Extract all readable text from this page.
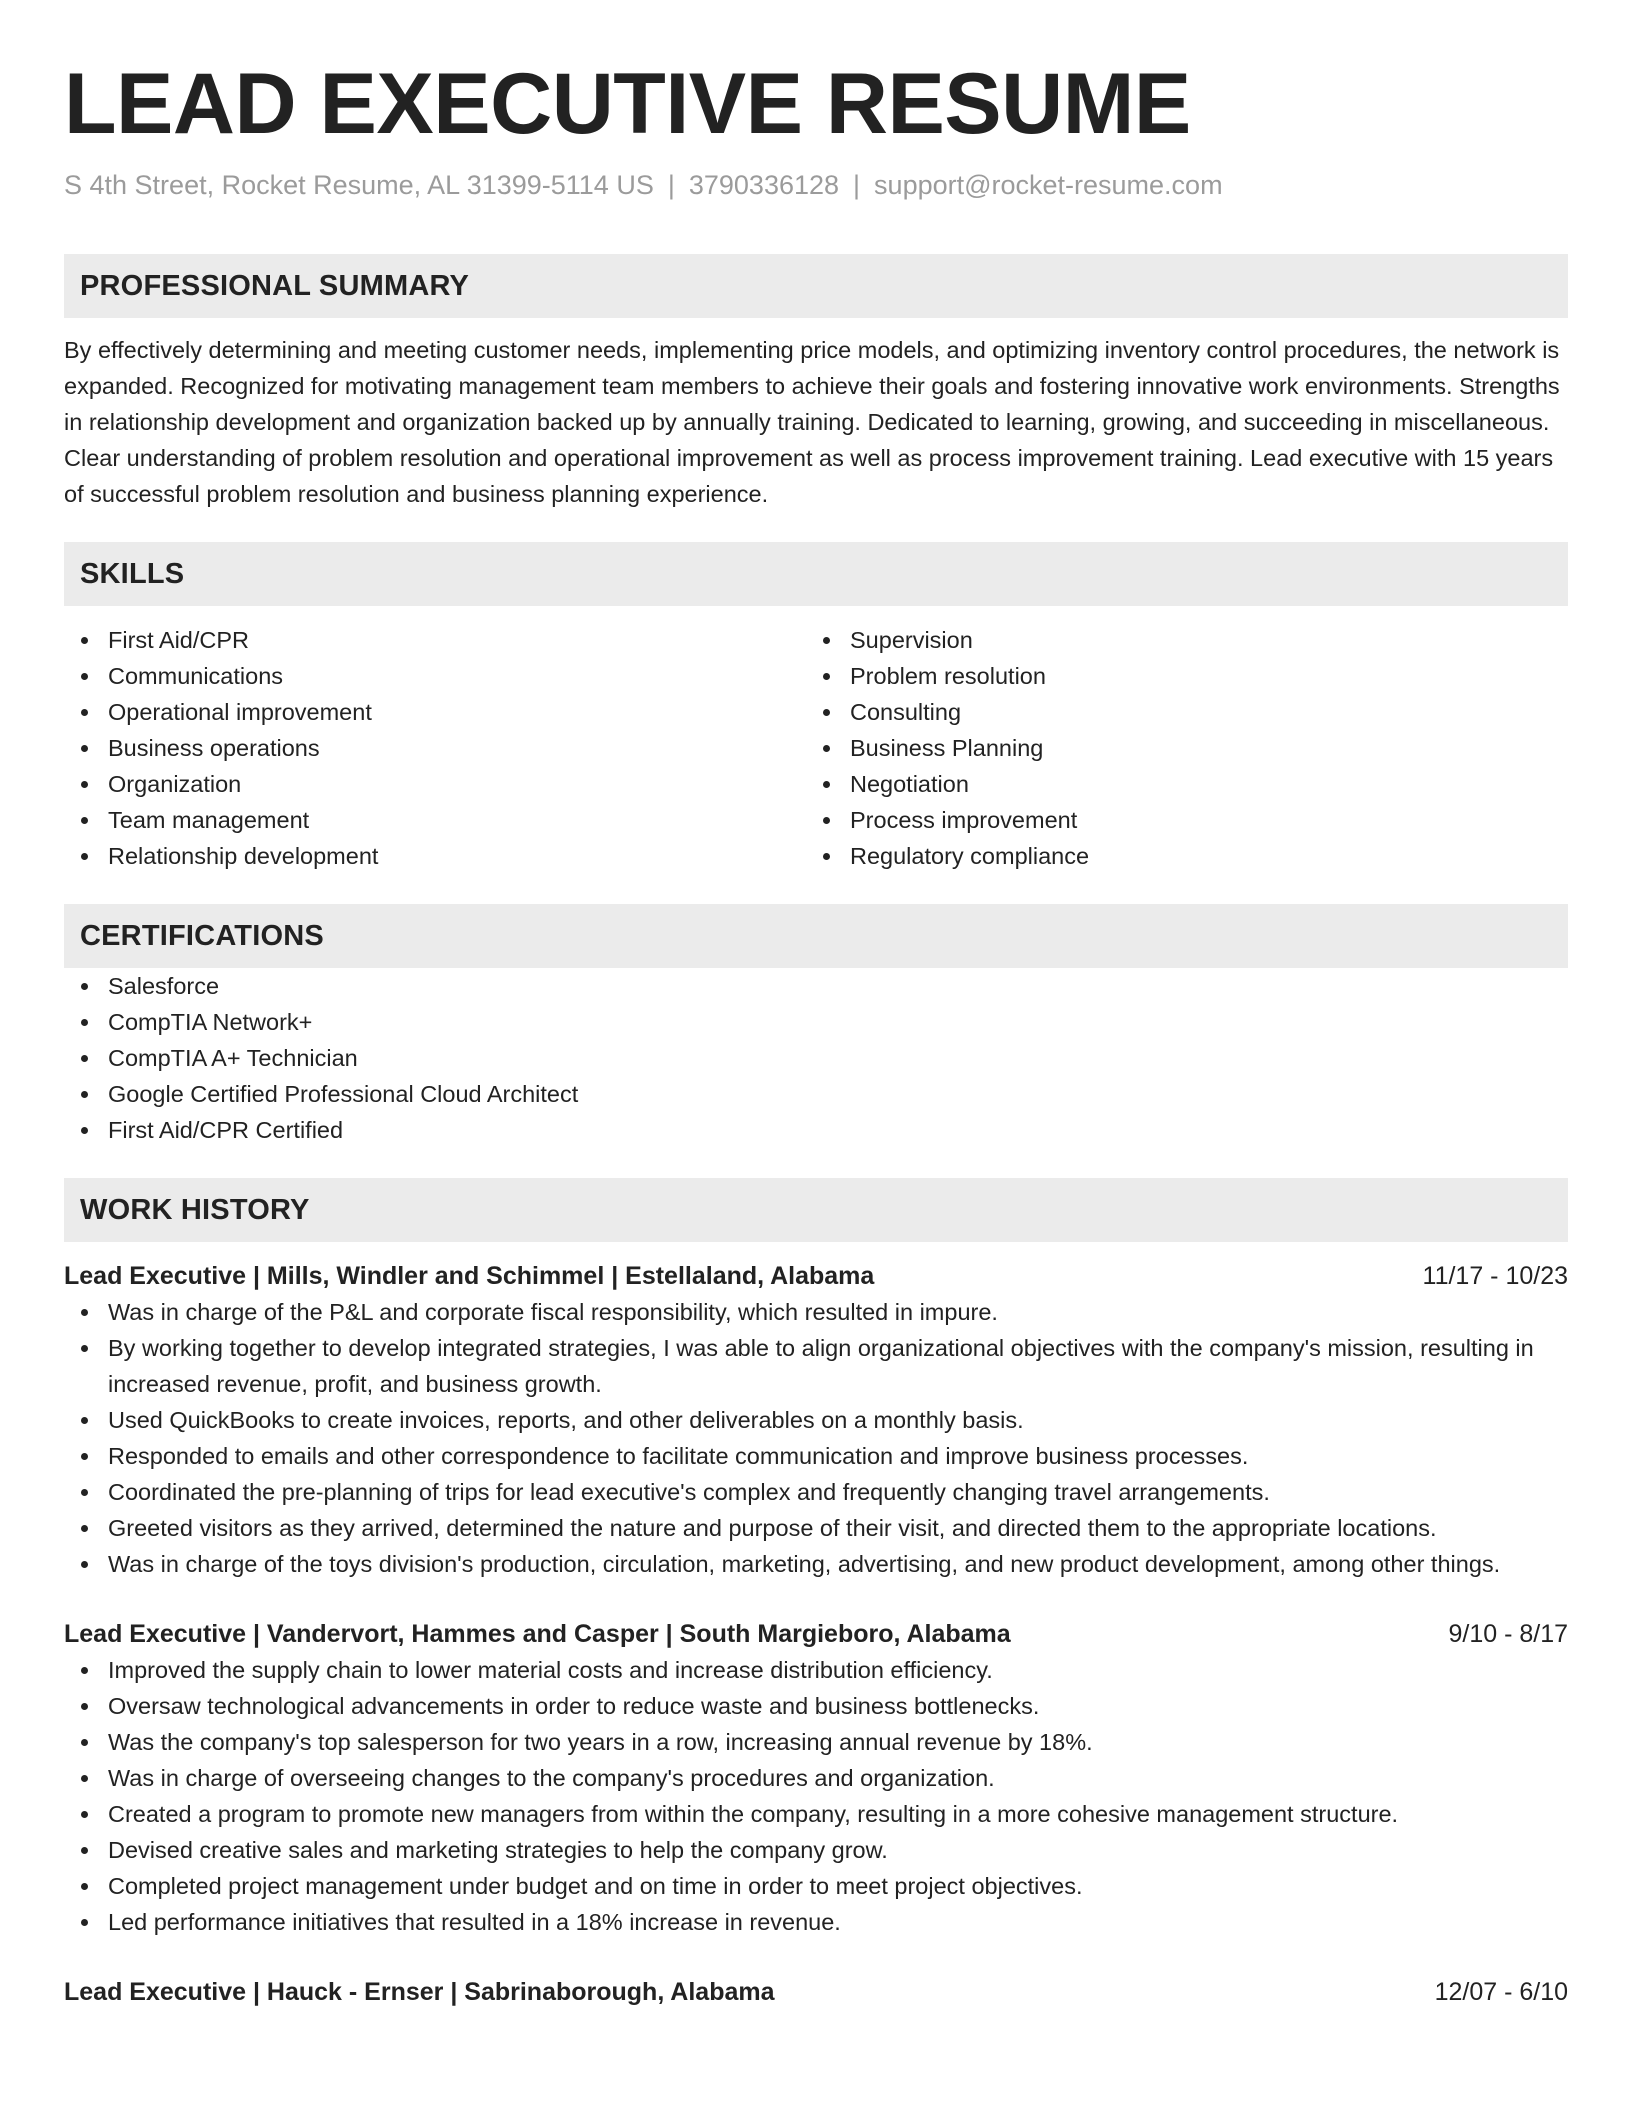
LEAD EXECUTIVE RESUME
S 4th Street, Rocket Resume, AL 31399-5114 US | 3790336128 | support@rocket-resume.com
PROFESSIONAL SUMMARY
By effectively determining and meeting customer needs, implementing price models, and optimizing inventory control procedures, the network is expanded. Recognized for motivating management team members to achieve their goals and fostering innovative work environments. Strengths in relationship development and organization backed up by annually training. Dedicated to learning, growing, and succeeding in miscellaneous. Clear understanding of problem resolution and operational improvement as well as process improvement training. Lead executive with 15 years of successful problem resolution and business planning experience.
SKILLS
First Aid/CPR
Communications
Operational improvement
Business operations
Organization
Team management
Relationship development
Supervision
Problem resolution
Consulting
Business Planning
Negotiation
Process improvement
Regulatory compliance
CERTIFICATIONS
Salesforce
CompTIA Network+
CompTIA A+ Technician
Google Certified Professional Cloud Architect
First Aid/CPR Certified
WORK HISTORY
Lead Executive | Mills, Windler and Schimmel | Estellaland, Alabama	11/17 - 10/23
Was in charge of the P&L and corporate fiscal responsibility, which resulted in impure.
By working together to develop integrated strategies, I was able to align organizational objectives with the company's mission, resulting in increased revenue, profit, and business growth.
Used QuickBooks to create invoices, reports, and other deliverables on a monthly basis.
Responded to emails and other correspondence to facilitate communication and improve business processes.
Coordinated the pre-planning of trips for lead executive's complex and frequently changing travel arrangements.
Greeted visitors as they arrived, determined the nature and purpose of their visit, and directed them to the appropriate locations.
Was in charge of the toys division's production, circulation, marketing, advertising, and new product development, among other things.
Lead Executive | Vandervort, Hammes and Casper | South Margieboro, Alabama	9/10 - 8/17
Improved the supply chain to lower material costs and increase distribution efficiency.
Oversaw technological advancements in order to reduce waste and business bottlenecks.
Was the company's top salesperson for two years in a row, increasing annual revenue by 18%.
Was in charge of overseeing changes to the company's procedures and organization.
Created a program to promote new managers from within the company, resulting in a more cohesive management structure.
Devised creative sales and marketing strategies to help the company grow.
Completed project management under budget and on time in order to meet project objectives.
Led performance initiatives that resulted in a 18% increase in revenue.
Lead Executive | Hauck - Ernser | Sabrinaborough, Alabama	12/07 - 6/10
